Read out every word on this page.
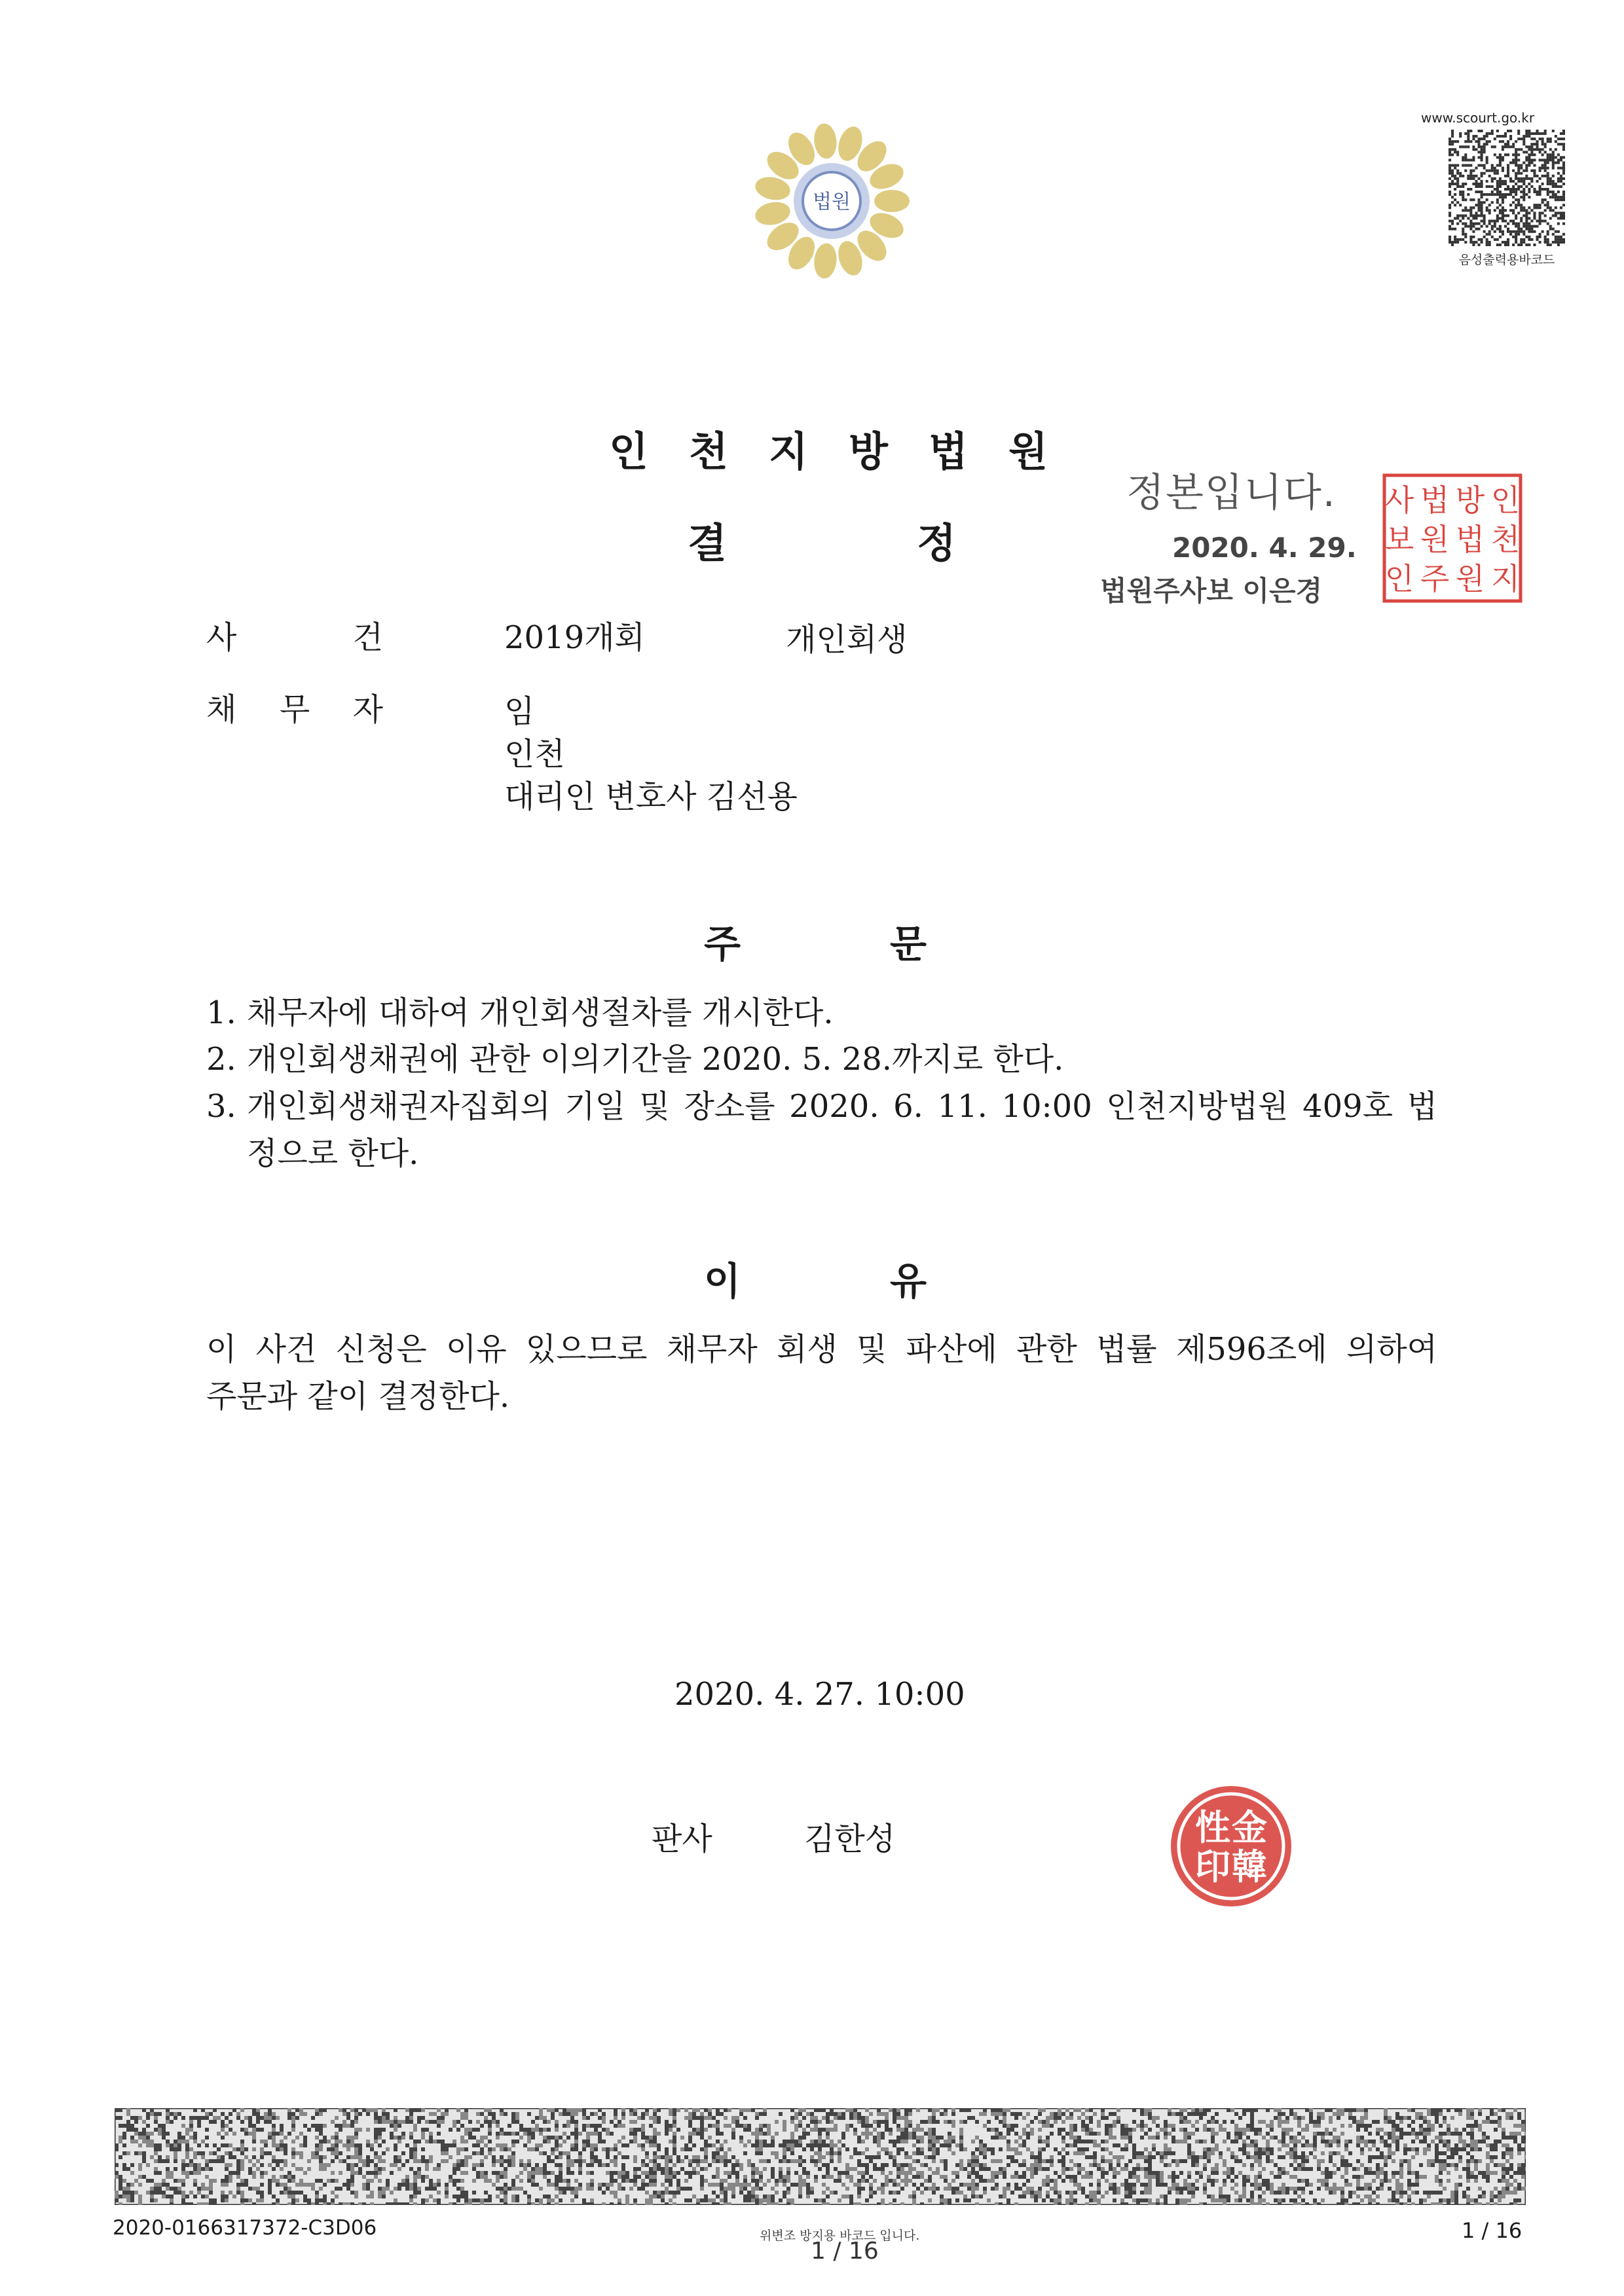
법원
www.scourt.go.kr
음성출력용바코드
인 천 지 방 법 원
결	정
정본입니다.
2020. 4. 29.
법원주사보 이은경
인
천
지
방
법
원
법
원
주
사
보
인
사	건	2019개회	개인회생
채 무 자	임
인천
대리인 변호사 김선용
주	문
1. 채무자에 대하여 개인회생절차를 개시한다.
2. 개인회생채권에 관한 이의기간을 2020. 5. 28.까지로 한다.
3. 개인회생채권자집회의 기일 및 장소를 2020. 6. 11. 10:00 인천지방법원 409호 법
정으로 한다.
이	유
이 사건 신청은 이유 있으므로 채무자 회생 및 파산에 관한 법률 제596조에 의하여
주문과 같이 결정한다.
2020. 4. 27. 10:00
판사	김한성	金
韓
性
印
2020-0166317372-C3D06	위변조 방지용 바코드 입니다.
1 / 16
1 / 16
